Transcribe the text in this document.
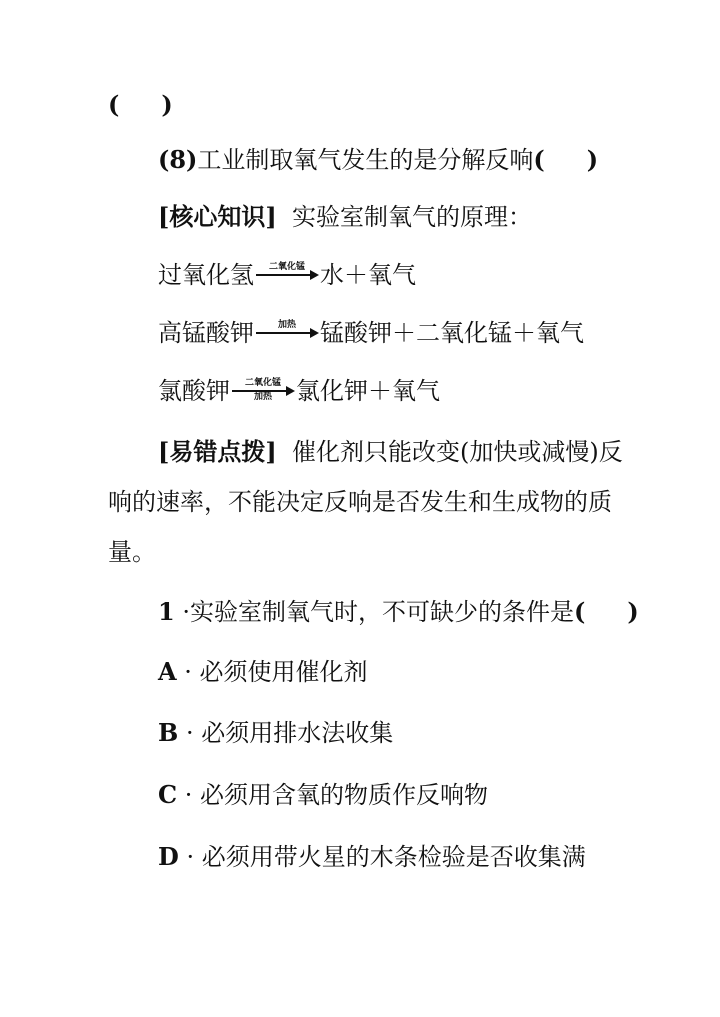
( )
(8)工业制取氧气发生的是分解反响( )
[核心知识] 实验室制氧气的原理：
过氧化氢	二氧化锰 水＋氧气
高锰酸钾	加热	锰酸钾＋二氧化锰＋氧气
氯酸钾	二氧化锰
加热	氯化钾＋氧气
[易错点拨] 催化剂只能改变(加快或减慢)反
响的速率，不能决定反响是否发生和生成物的质
量。
1 ·实验室制氧气时，不可缺少的条件是( )
A · 必须使用催化剂
B · 必须用排水法收集
C · 必须用含氧的物质作反响物
D · 必须用带火星的木条检验是否收集满
